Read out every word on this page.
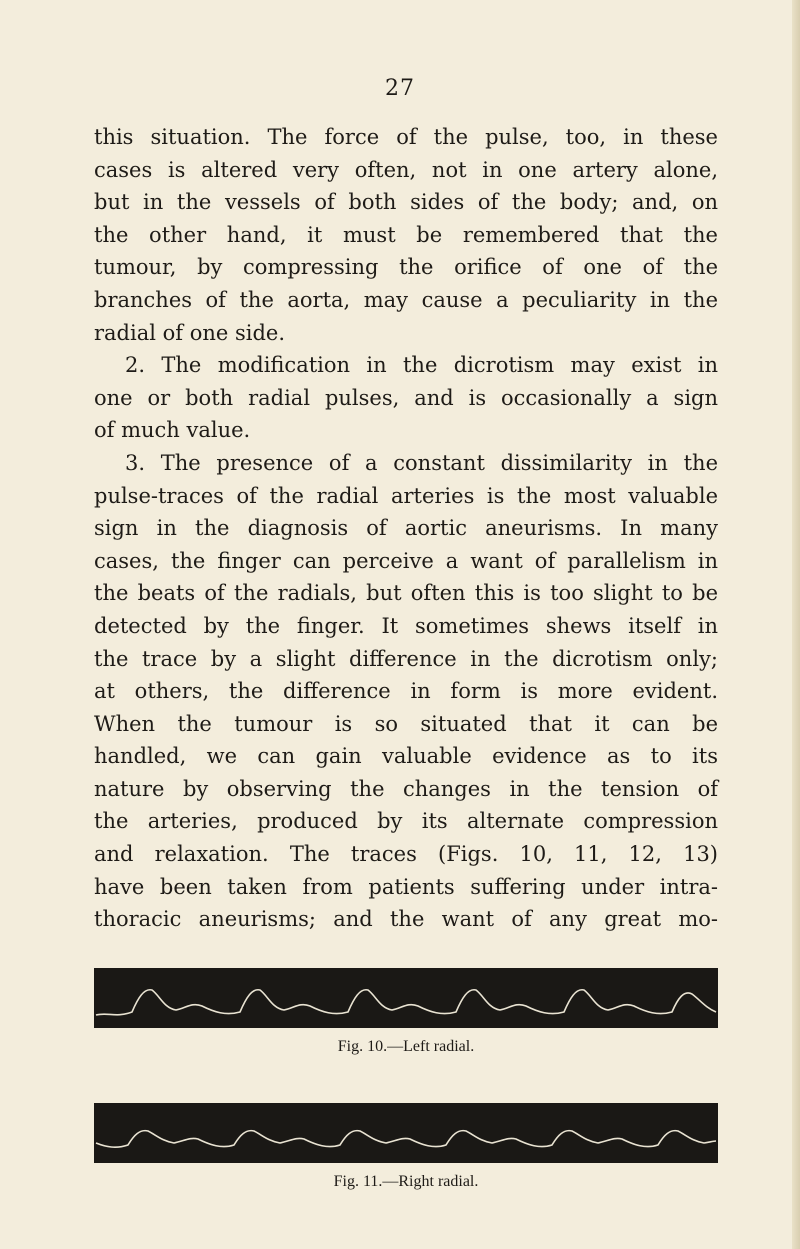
27
this situation. The force of the pulse, too, in these
cases is altered very often, not in one artery alone,
but in the vessels of both sides of the body; and, on
the other hand, it must be remembered that the
tumour, by compressing the orifice of one of the
branches of the aorta, may cause a peculiarity in the
radial of one side.
2. The modification in the dicrotism may exist in
one or both radial pulses, and is occasionally a sign
of much value.
3. The presence of a constant dissimilarity in the
pulse-traces of the radial arteries is the most valuable
sign in the diagnosis of aortic aneurisms. In many
cases, the finger can perceive a want of parallelism in
the beats of the radials, but often this is too slight to be
detected by the finger. It sometimes shews itself in
the trace by a slight difference in the dicrotism only;
at others, the difference in form is more evident.
When the tumour is so situated that it can be
handled, we can gain valuable evidence as to its
nature by observing the changes in the tension of
the arteries, produced by its alternate compression
and relaxation. The traces (Figs. 10, 11, 12, 13)
have been taken from patients suffering under intra-
thoracic aneurisms; and the want of any great mo-
Fig. 10.—Left radial.
Fig. 11.—Right radial.
